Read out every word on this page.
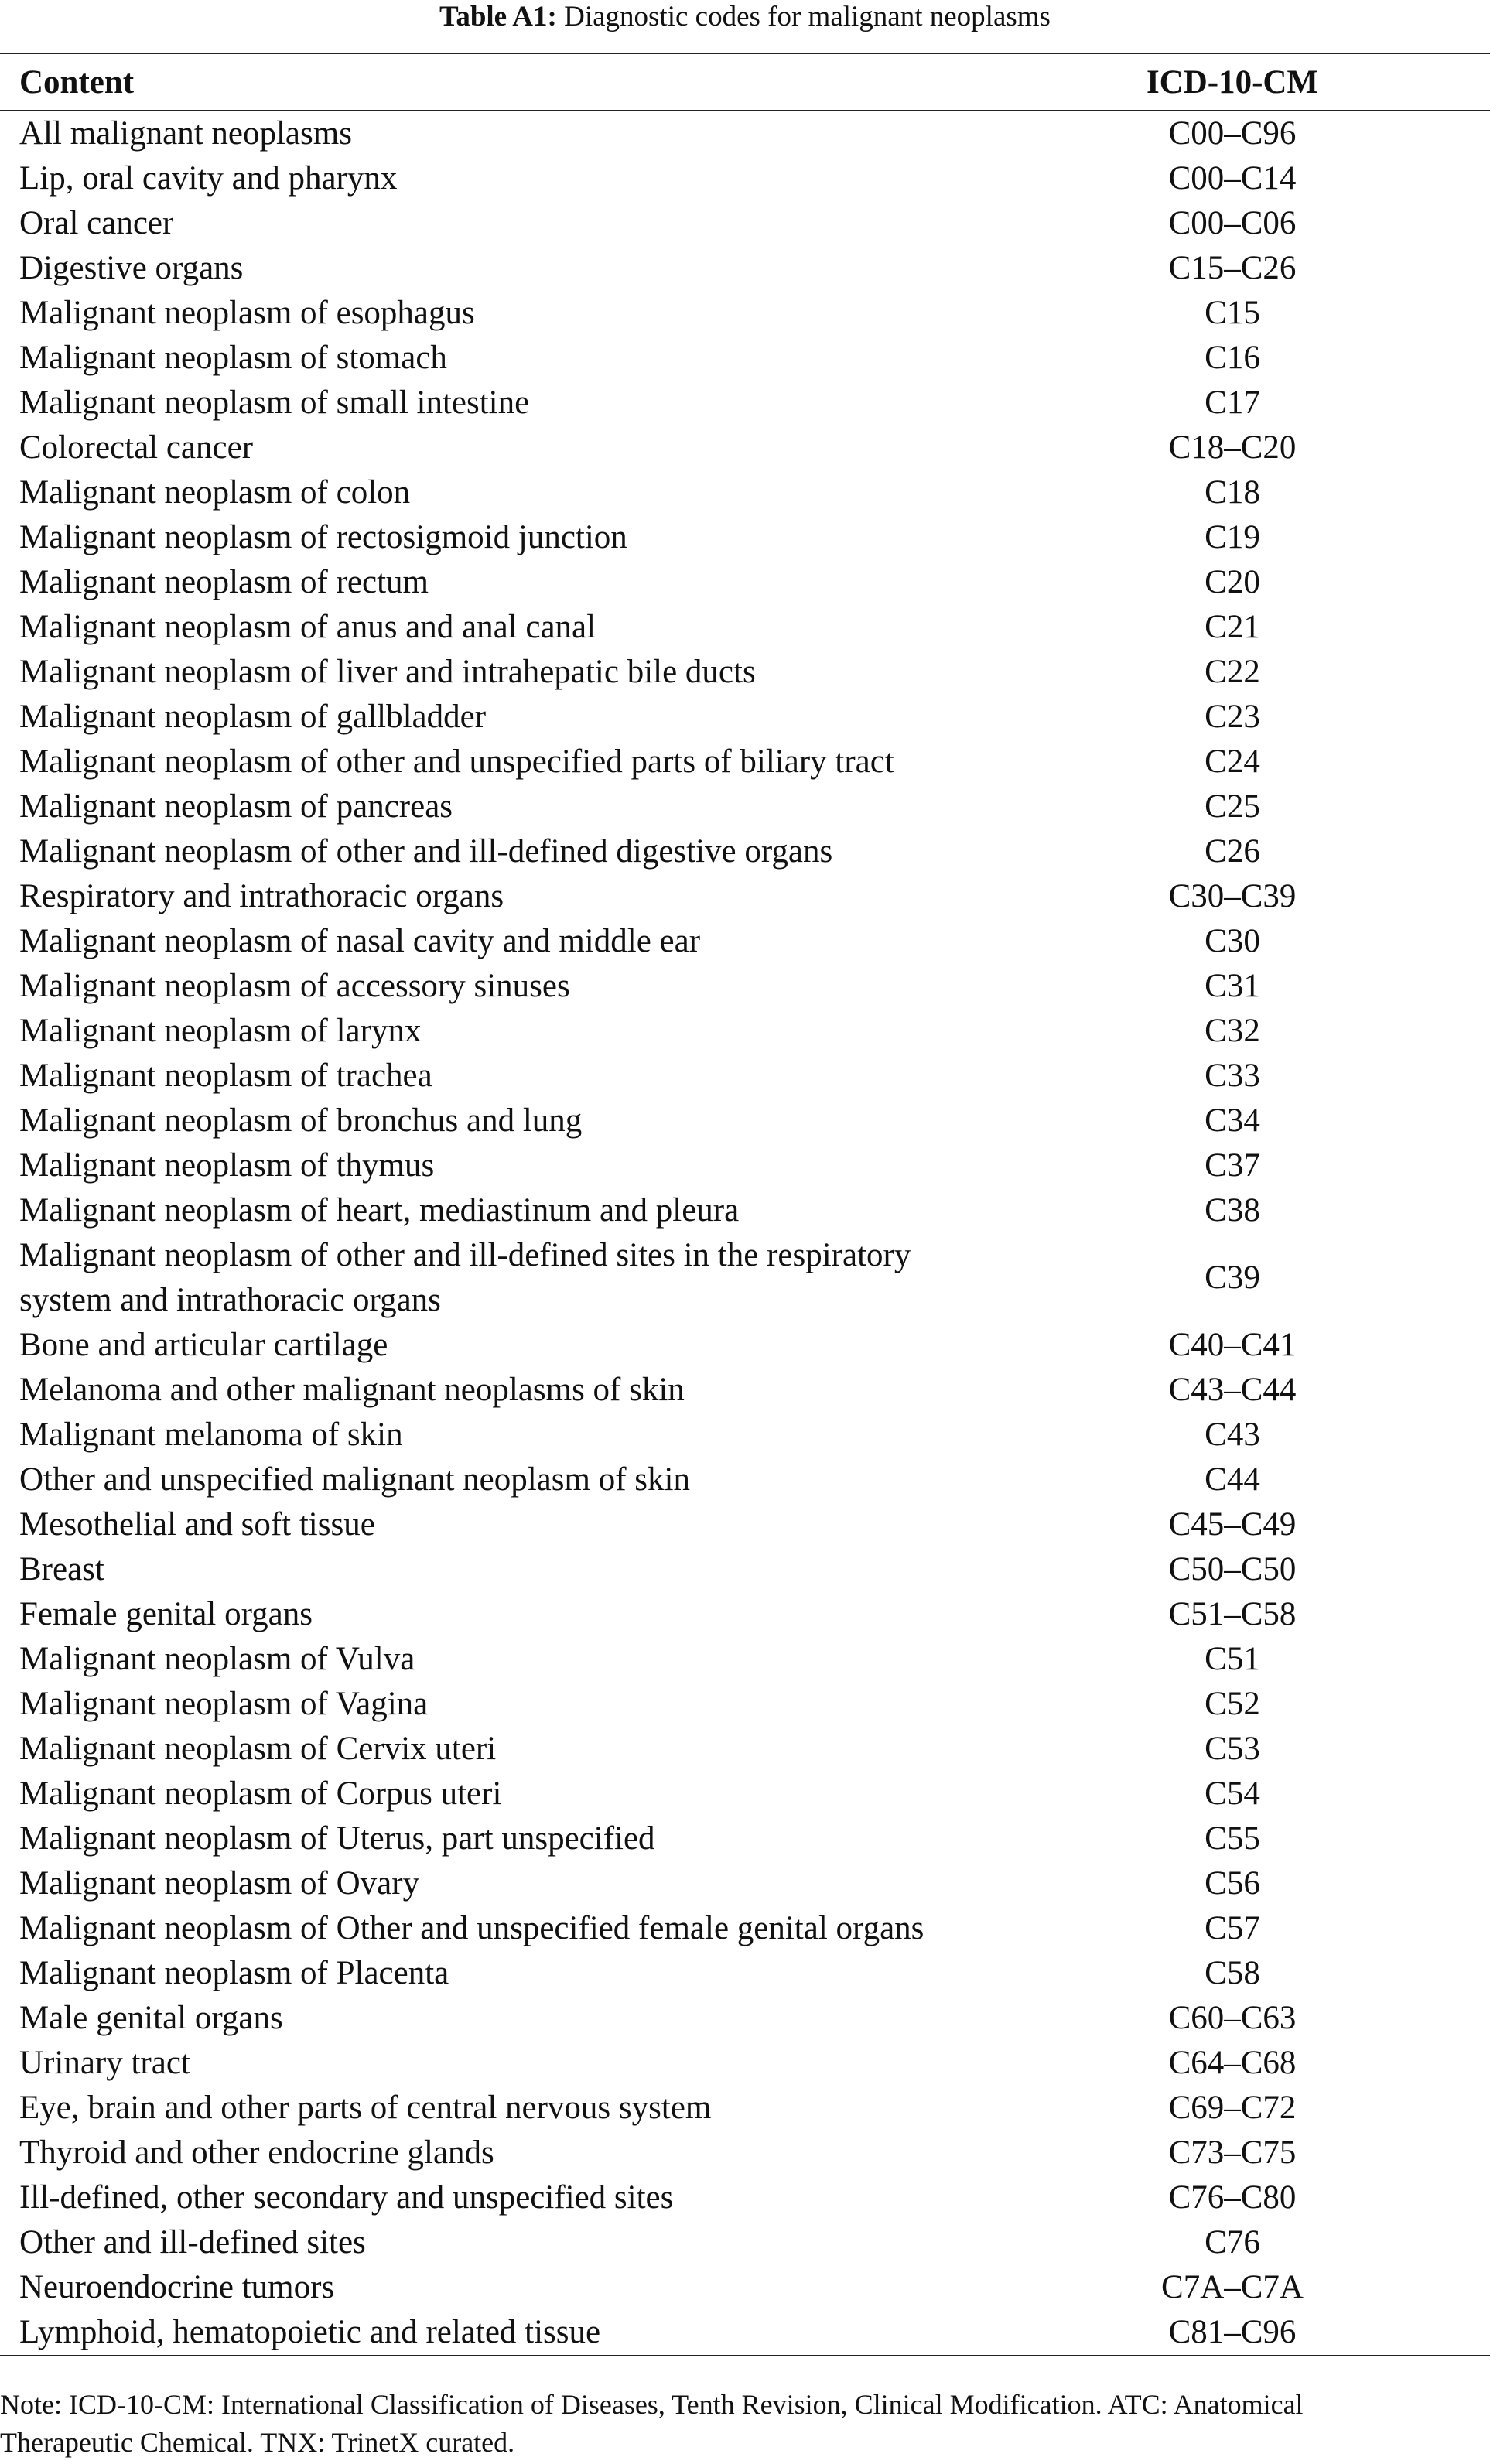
Table A1: Diagnostic codes for malignant neoplasms
Content	ICD-10-CM
All malignant neoplasms	C00–C96
Lip, oral cavity and pharynx	C00–C14
Oral cancer	C00–C06
Digestive organs	C15–C26
Malignant neoplasm of esophagus	C15
Malignant neoplasm of stomach	C16
Malignant neoplasm of small intestine	C17
Colorectal cancer	C18–C20
Malignant neoplasm of colon	C18
Malignant neoplasm of rectosigmoid junction	C19
Malignant neoplasm of rectum	C20
Malignant neoplasm of anus and anal canal	C21
Malignant neoplasm of liver and intrahepatic bile ducts	C22
Malignant neoplasm of gallbladder	C23
Malignant neoplasm of other and unspecified parts of biliary tract	C24
Malignant neoplasm of pancreas	C25
Malignant neoplasm of other and ill-defined digestive organs	C26
Respiratory and intrathoracic organs	C30–C39
Malignant neoplasm of nasal cavity and middle ear	C30
Malignant neoplasm of accessory sinuses	C31
Malignant neoplasm of larynx	C32
Malignant neoplasm of trachea	C33
Malignant neoplasm of bronchus and lung	C34
Malignant neoplasm of thymus	C37
Malignant neoplasm of heart, mediastinum and pleura	C38
Malignant neoplasm of other and ill-defined sites in the respiratory system and intrathoracic organs	C39
Bone and articular cartilage	C40–C41
Melanoma and other malignant neoplasms of skin	C43–C44
Malignant melanoma of skin	C43
Other and unspecified malignant neoplasm of skin	C44
Mesothelial and soft tissue	C45–C49
Breast	C50–C50
Female genital organs	C51–C58
Malignant neoplasm of Vulva	C51
Malignant neoplasm of Vagina	C52
Malignant neoplasm of Cervix uteri	C53
Malignant neoplasm of Corpus uteri	C54
Malignant neoplasm of Uterus, part unspecified	C55
Malignant neoplasm of Ovary	C56
Malignant neoplasm of Other and unspecified female genital organs	C57
Malignant neoplasm of Placenta	C58
Male genital organs	C60–C63
Urinary tract	C64–C68
Eye, brain and other parts of central nervous system	C69–C72
Thyroid and other endocrine glands	C73–C75
Ill-defined, other secondary and unspecified sites	C76–C80
Other and ill-defined sites	C76
Neuroendocrine tumors	C7A–C7A
Lymphoid, hematopoietic and related tissue	C81–C96
Note: ICD-10-CM: International Classification of Diseases, Tenth Revision, Clinical Modification. ATC: Anatomical
Therapeutic Chemical. TNX: TrinetX curated.
